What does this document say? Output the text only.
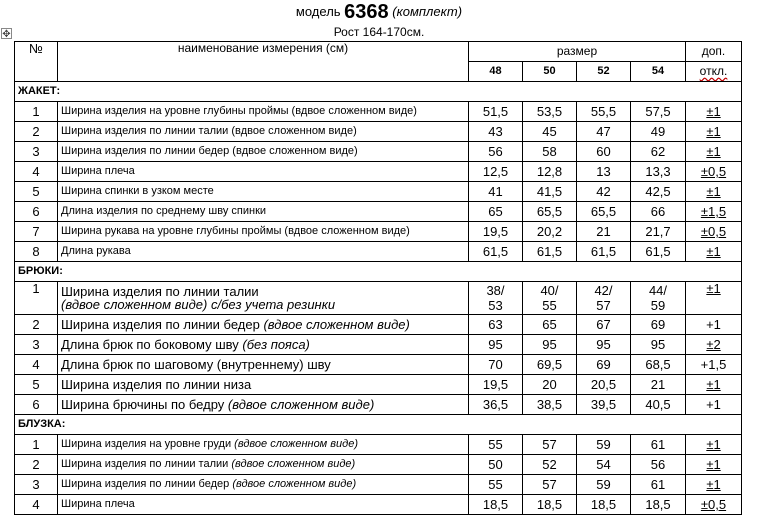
модель 6368 (комплект)
Рост 164-170см.
✥
№	наименование измерения (см)	размер				доп.
		48	50	52	54	откл.
ЖАКЕТ:						
1	Ширина изделия на уровне глубины проймы (вдвое сложенном виде)	51,5	53,5	55,5	57,5	±1
2	Ширина изделия по линии талии (вдвое сложенном виде)	43	45	47	49	±1
3	Ширина изделия по линии бедер (вдвое сложенном виде)	56	58	60	62	±1
4	Ширина плеча	12,5	12,8	13	13,3	±0,5
5	Ширина спинки в узком месте	41	41,5	42	42,5	±1
6	Длина изделия по среднему шву спинки	65	65,5	65,5	66	±1,5
7	Ширина рукава на уровне глубины проймы (вдвое сложенном виде)	19,5	20,2	21	21,7	±0,5
8	Длина рукава	61,5	61,5	61,5	61,5	±1
БРЮКИ:						
1	Ширина изделия по линии талии
(вдвое сложенном виде) с/без учета резинки	38/ 53	40/ 55	42/ 57	44/ 59	±1
2	Ширина изделия по линии бедер (вдвое сложенном виде)	63	65	67	69	+1
3	Длина брюк по боковому шву (без пояса)	95	95	95	95	±2
4	Длина брюк по шаговому (внутреннему) шву	70	69,5	69	68,5	+1,5
5	Ширина изделия по линии низа	19,5	20	20,5	21	±1
6	Ширина брючины по бедру (вдвое сложенном виде)	36,5	38,5	39,5	40,5	+1
БЛУЗКА:						
1	Ширина изделия на уровне груди (вдвое сложенном виде)	55	57	59	61	±1
2	Ширина изделия по линии талии (вдвое сложенном виде)	50	52	54	56	±1
3	Ширина изделия по линии бедер (вдвое сложенном виде)	55	57	59	61	±1
4	Ширина плеча	18,5	18,5	18,5	18,5	±0,5
